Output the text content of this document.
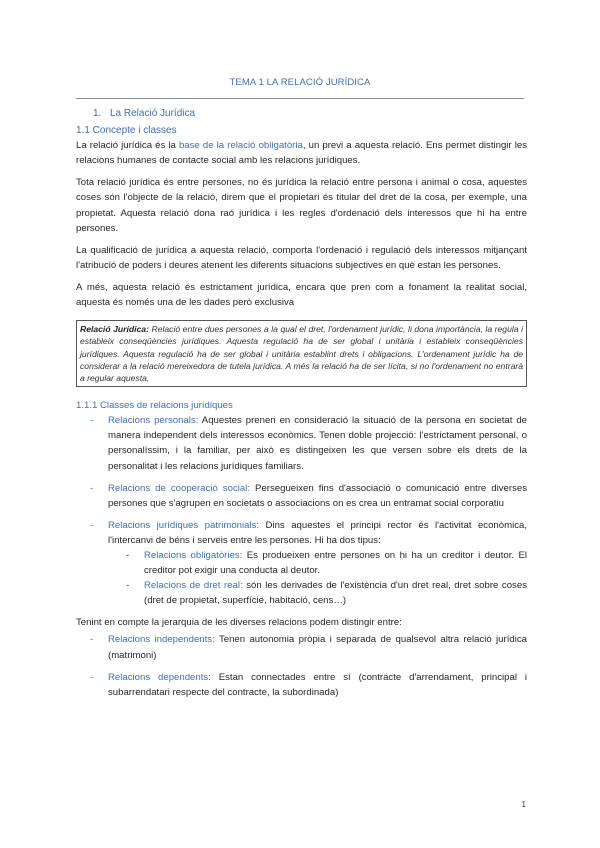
TEMA 1 LA RELACIÓ JURÍDICA
1. La Relació Jurídica
1.1 Concepte i classes

La relació jurídica és la base de la relació obligatòria, un previ a aquesta relació. Ens permet distingir les relacions humanes de contacte social amb les relacions jurídiques.

Tota relació jurídica és entre persones, no és jurídica la relació entre persona i animal o cosa, aquestes coses són l'objecte de la relació, direm que el propietari és titular del dret de la cosa, per exemple, una propietat. Aquesta relació dona raó jurídica i les regles d'ordenació dels interessos que hi ha entre persones.

La qualificació de jurídica a aquesta relació, comporta l'ordenació i regulació dels interessos mitjançant l'atribució de poders i deures atenent les diferents situacions subjectives en què estan les persones.

A més, aquesta relació és estrictament jurídica, encara que pren com a fonament la realitat social, aquesta és només una de les dades però exclusiva

Relació Jurídica: Relació entre dues persones a la qual el dret, l'ordenament jurídic, li dona importància, la regula i estableix conseqüències jurídiques. Aquesta regulació ha de ser global i unitària i estableix conseqüències jurídiques. Aquesta regulació ha de ser global i unitària establint drets i obligacions. L'ordenament jurídic ha de considerar a la relació mereixedora de tutela jurídica. A més la relació ha de ser lícita, si no l'ordenament no entrarà a regular aquesta,
1.1.1 Classes de relacions jurídiques
- Relacions personals: Aquestes prenen en consideració la situació de la persona en societat de manera independent dels interessos econòmics. Tenen doble projecció: l'estrictament personal, o personalíssim, i la familiar, per això es distingeixen les que versen sobre els drets de la personalitat i les relacions jurídiques familiars.
- Relacions de cooperació social: Persegueixen fins d'associació o comunicació entre diverses persones que s'agrupen en societats o associacions on es crea un entramat social corporatiu
- Relacions jurídiques patrimonials: Dins aquestes el principi rector és l'activitat econòmica, l'intercanvi de béns i serveis entre les persones. Hi ha dos tipus:
- Relacions obligatòries: Es produeixen entre persones on hi ha un creditor i deutor. El creditor pot exigir una conducta al deutor.
- Relacions de dret real: són les derivades de l'existència d'un dret real, dret sobre coses (dret de propietat, superfície, habitació, cens…)

Tenint en compte la jerarquia de les diverses relacions podem distingir entre:

- Relacions independents: Tenen autonomia pròpia i separada de qualsevol altra relació jurídica (matrimoni)
- Relacions dependents: Estan connectades entre sí (contracte d'arrendament, principal i subarrendatari respecte del contracte, la subordinada)
1
